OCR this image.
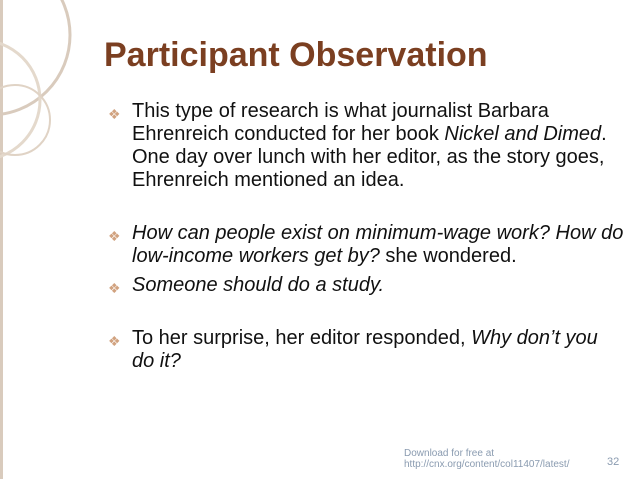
Participant Observation
❖ This type of research is what journalist Barbara Ehrenreich conducted for her book Nickel and Dimed. One day over lunch with her editor, as the story goes, Ehrenreich mentioned an idea.
❖ How can people exist on minimum-wage work? How do low-income workers get by? she wondered.
❖ Someone should do a study.
❖ To her surprise, her editor responded, Why don’t you do it?
Download for free at
http://cnx.org/content/col11407/latest/	32
